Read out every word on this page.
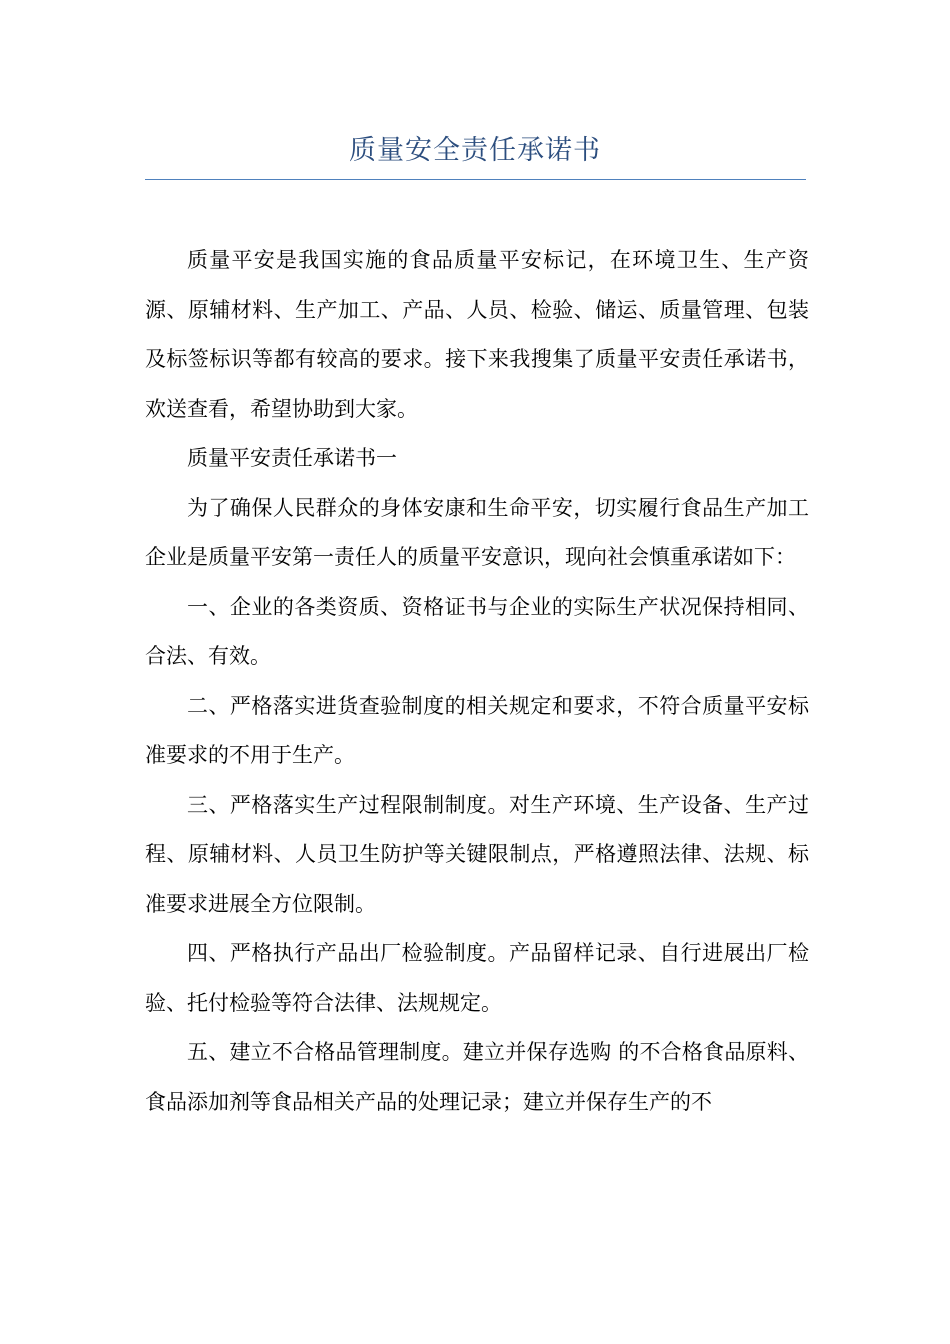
质量安全责任承诺书

质量平安是我国实施的食品质量平安标记，在环境卫生、生产资源、原辅材料、生产加工、产品、人员、检验、储运、质量管理、包装及标签标识等都有较高的要求。接下来我搜集了质量平安责任承诺书，欢送查看，希望协助到大家。

质量平安责任承诺书一

为了确保人民群众的身体安康和生命平安，切实履行食品生产加工企业是质量平安第一责任人的质量平安意识，现向社会慎重承诺如下：

一、企业的各类资质、资格证书与企业的实际生产状况保持相同、合法、有效。

二、严格落实进货查验制度的相关规定和要求，不符合质量平安标准要求的不用于生产。

三、严格落实生产过程限制制度。对生产环境、生产设备、生产过程、原辅材料、人员卫生防护等关键限制点，严格遵照法律、法规、标准要求进展全方位限制。

四、严格执行产品出厂检验制度。产品留样记录、自行进展出厂检验、托付检验等符合法律、法规规定。

五、建立不合格品管理制度。建立并保存选购 的不合格食品原料、食品添加剂等食品相关产品的处理记录；建立并保存生产的不
